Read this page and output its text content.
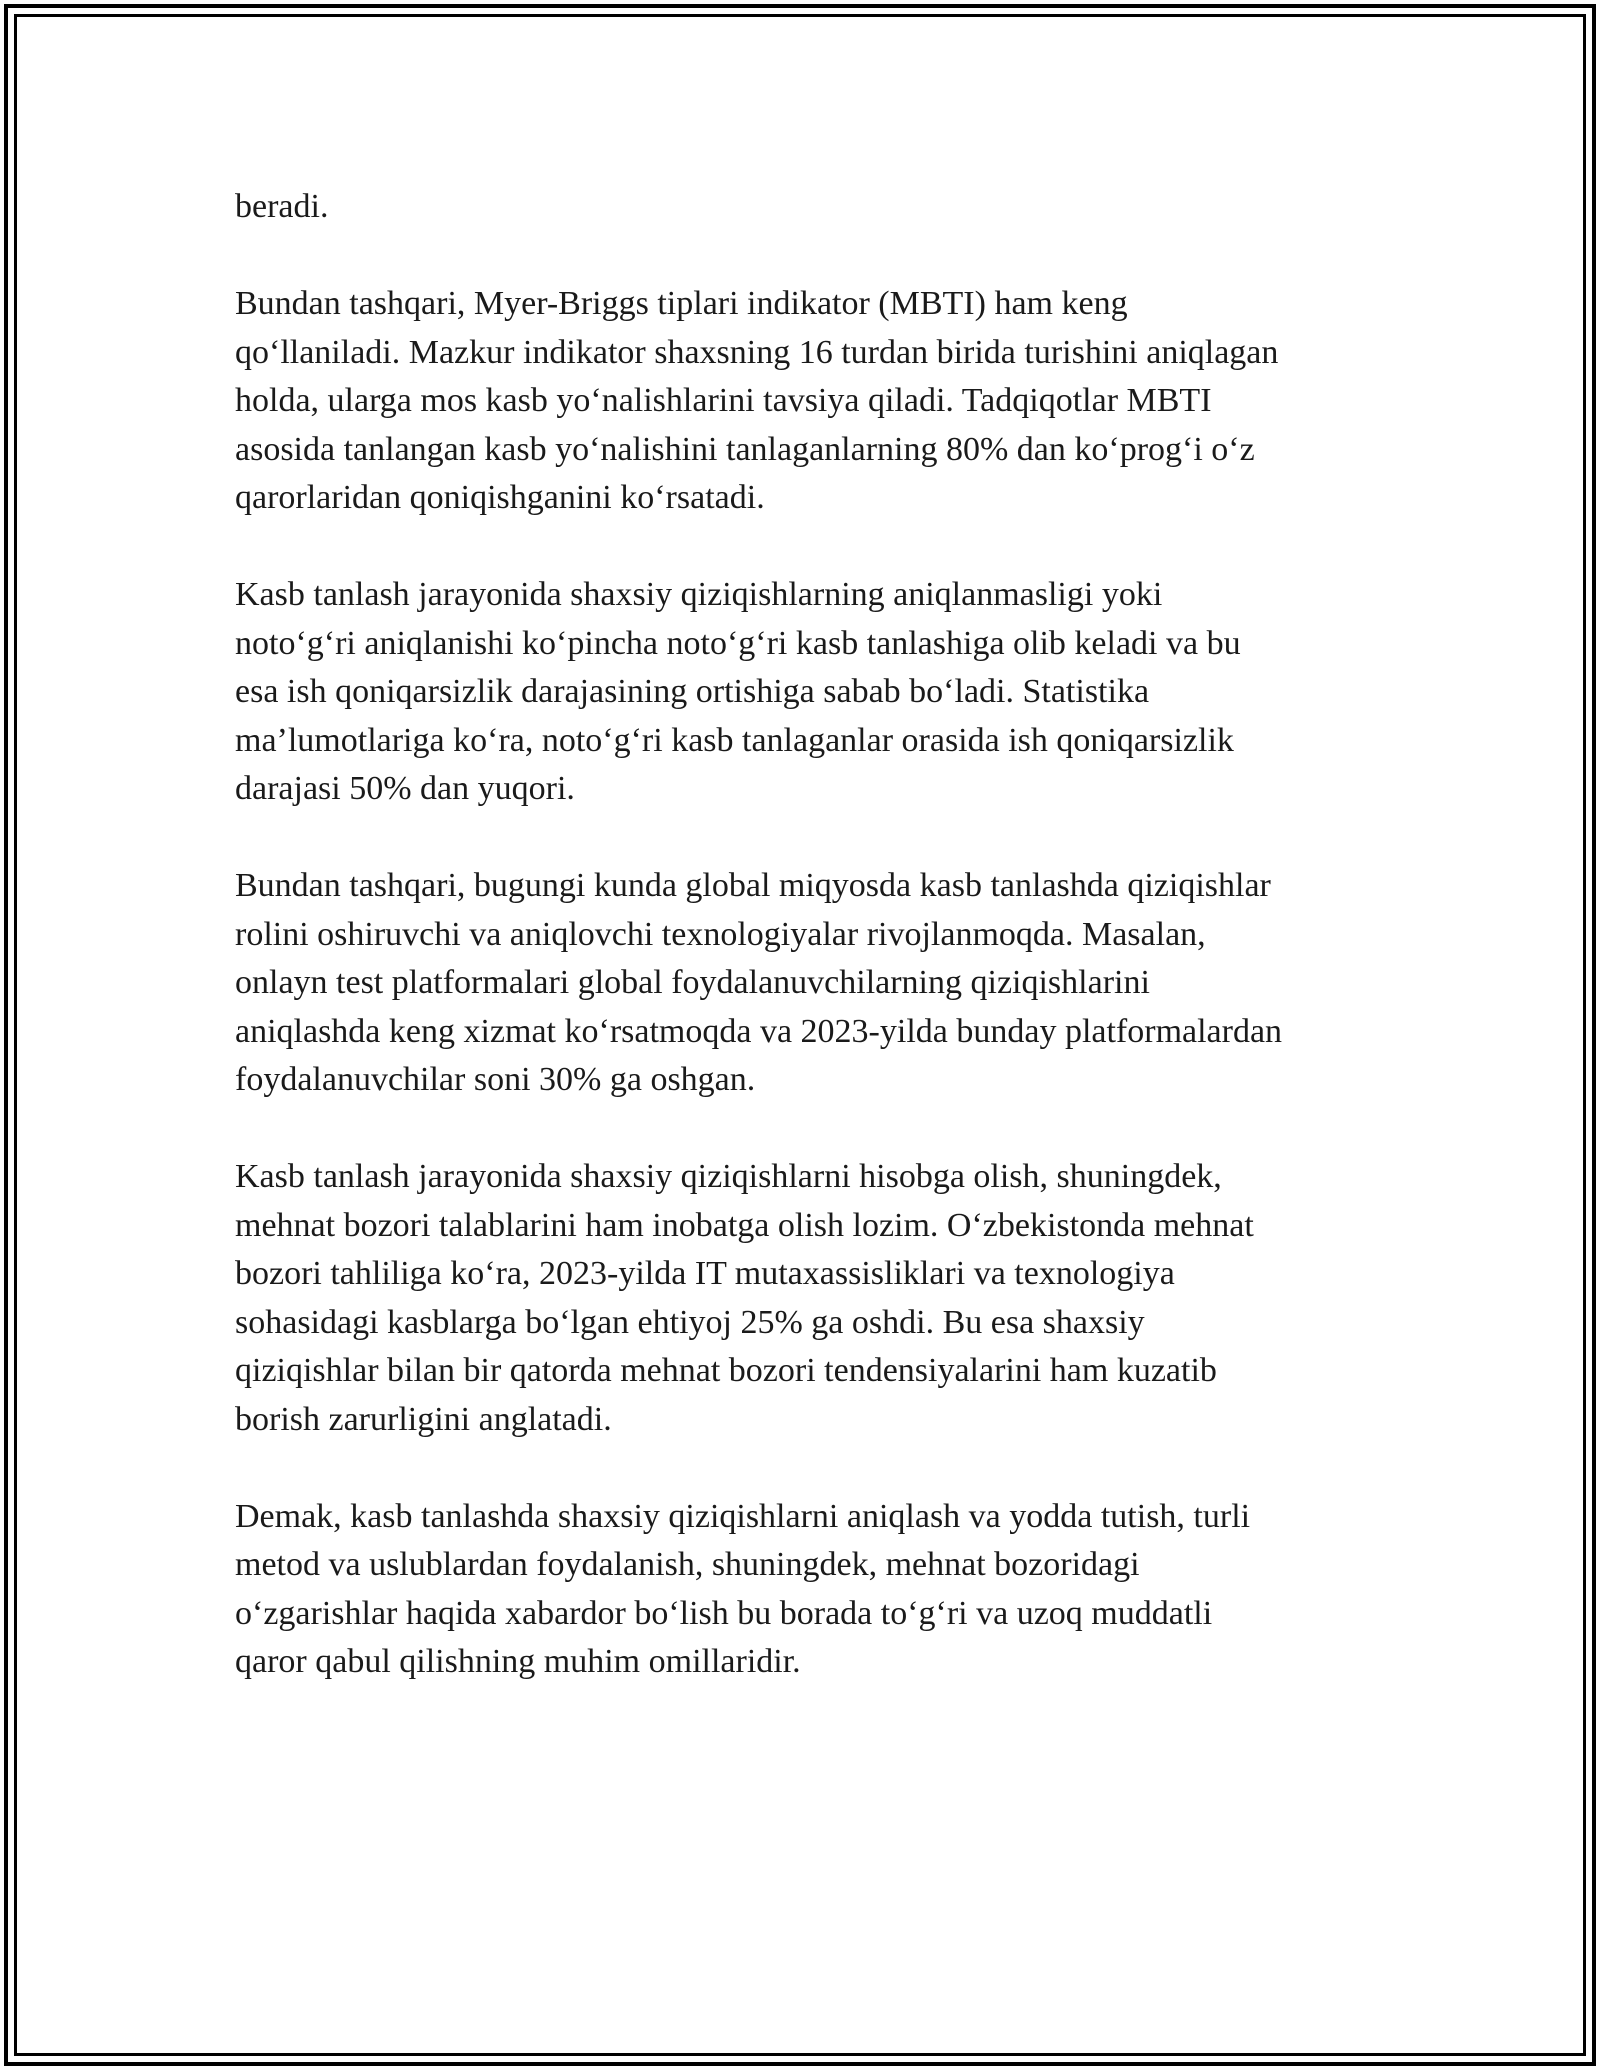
beradi.

Bundan tashqari, Myer-Briggs tiplari indikator (MBTI) ham keng
qo‘llaniladi. Mazkur indikator shaxsning 16 turdan birida turishini aniqlagan
holda, ularga mos kasb yo‘nalishlarini tavsiya qiladi. Tadqiqotlar MBTI
asosida tanlangan kasb yo‘nalishini tanlaganlarning 80% dan ko‘prog‘i o‘z
qarorlaridan qoniqishganini ko‘rsatadi.

Kasb tanlash jarayonida shaxsiy qiziqishlarning aniqlanmasligi yoki
noto‘g‘ri aniqlanishi ko‘pincha noto‘g‘ri kasb tanlashiga olib keladi va bu
esa ish qoniqarsizlik darajasining ortishiga sabab bo‘ladi. Statistika
ma’lumotlariga ko‘ra, noto‘g‘ri kasb tanlaganlar orasida ish qoniqarsizlik
darajasi 50% dan yuqori.

Bundan tashqari, bugungi kunda global miqyosda kasb tanlashda qiziqishlar
rolini oshiruvchi va aniqlovchi texnologiyalar rivojlanmoqda. Masalan,
onlayn test platformalari global foydalanuvchilarning qiziqishlarini
aniqlashda keng xizmat ko‘rsatmoqda va 2023-yilda bunday platformalardan
foydalanuvchilar soni 30% ga oshgan.

Kasb tanlash jarayonida shaxsiy qiziqishlarni hisobga olish, shuningdek,
mehnat bozori talablarini ham inobatga olish lozim. O‘zbekistonda mehnat
bozori tahliliga ko‘ra, 2023-yilda IT mutaxassisliklari va texnologiya
sohasidagi kasblarga bo‘lgan ehtiyoj 25% ga oshdi. Bu esa shaxsiy
qiziqishlar bilan bir qatorda mehnat bozori tendensiyalarini ham kuzatib
borish zarurligini anglatadi.

Demak, kasb tanlashda shaxsiy qiziqishlarni aniqlash va yodda tutish, turli
metod va uslublardan foydalanish, shuningdek, mehnat bozoridagi
o‘zgarishlar haqida xabardor bo‘lish bu borada to‘g‘ri va uzoq muddatli
qaror qabul qilishning muhim omillaridir.
